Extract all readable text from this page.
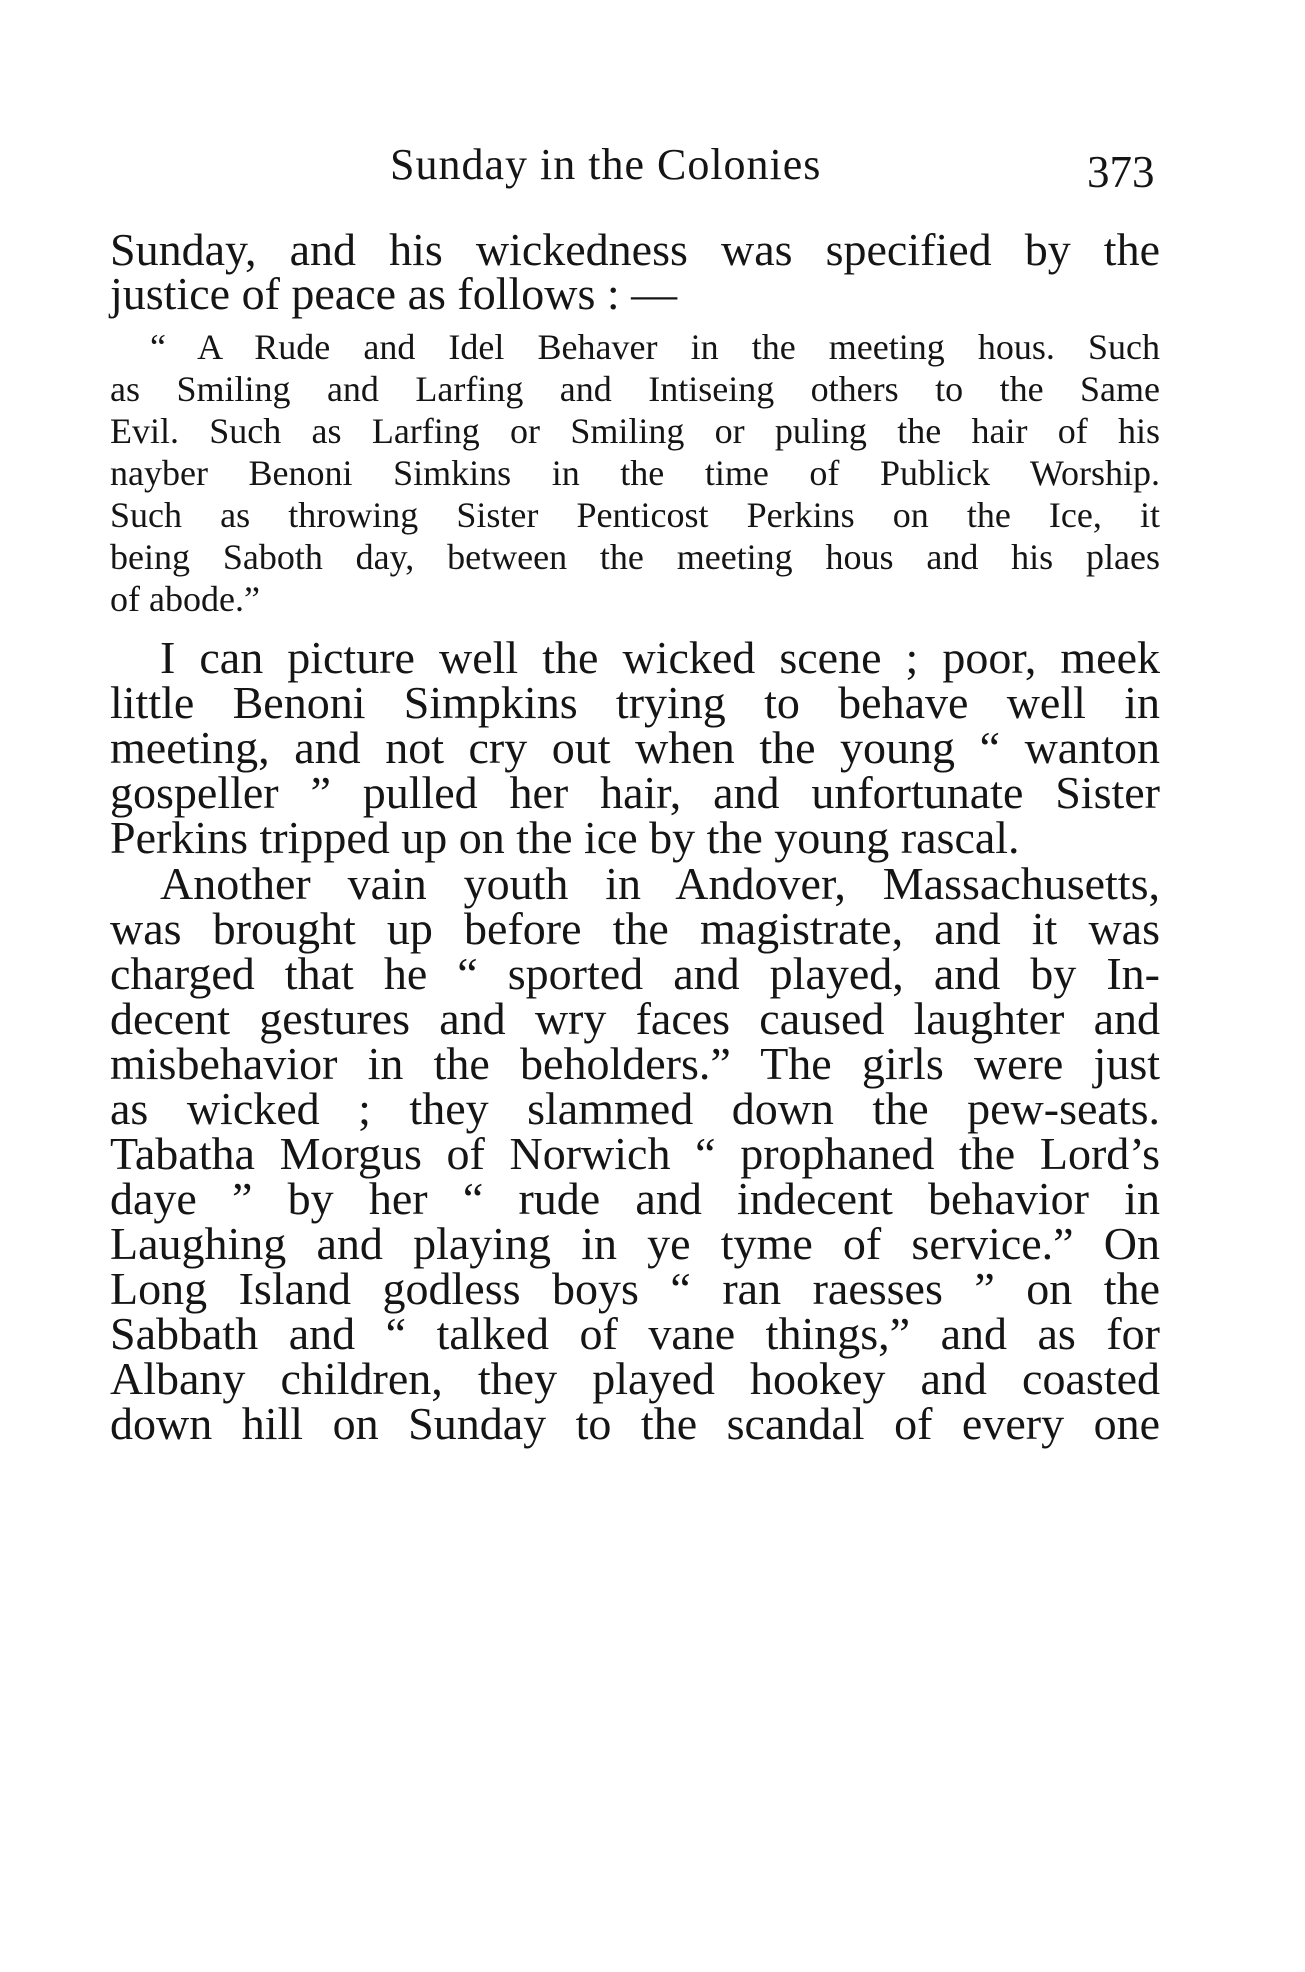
Sunday in the Colonies	373
Sunday, and his wickedness was specified by the
justice of peace as follows : —
“ A Rude and Idel Behaver in the meeting hous. Such
as Smiling and Larfing and Intiseing others to the Same
Evil. Such as Larfing or Smiling or puling the hair of his
nayber Benoni Simkins in the time of Publick Worship.
Such as throwing Sister Penticost Perkins on the Ice, it
being Saboth day, between the meeting hous and his plaes
of abode.”
I can picture well the wicked scene ; poor, meek
little Benoni Simpkins trying to behave well in
meeting, and not cry out when the young “ wanton
gospeller ” pulled her hair, and unfortunate Sister
Perkins tripped up on the ice by the young rascal.
Another vain youth in Andover, Massachusetts,
was brought up before the magistrate, and it was
charged that he “ sported and played, and by In-
decent gestures and wry faces caused laughter and
misbehavior in the beholders.” The girls were just
as wicked ; they slammed down the pew-seats.
Tabatha Morgus of Norwich “ prophaned the Lord’s
daye ” by her “ rude and indecent behavior in
Laughing and playing in ye tyme of service.” On
Long Island godless boys “ ran raesses ” on the
Sabbath and “ talked of vane things,” and as for
Albany children, they played hookey and coasted
down hill on Sunday to the scandal of every one
